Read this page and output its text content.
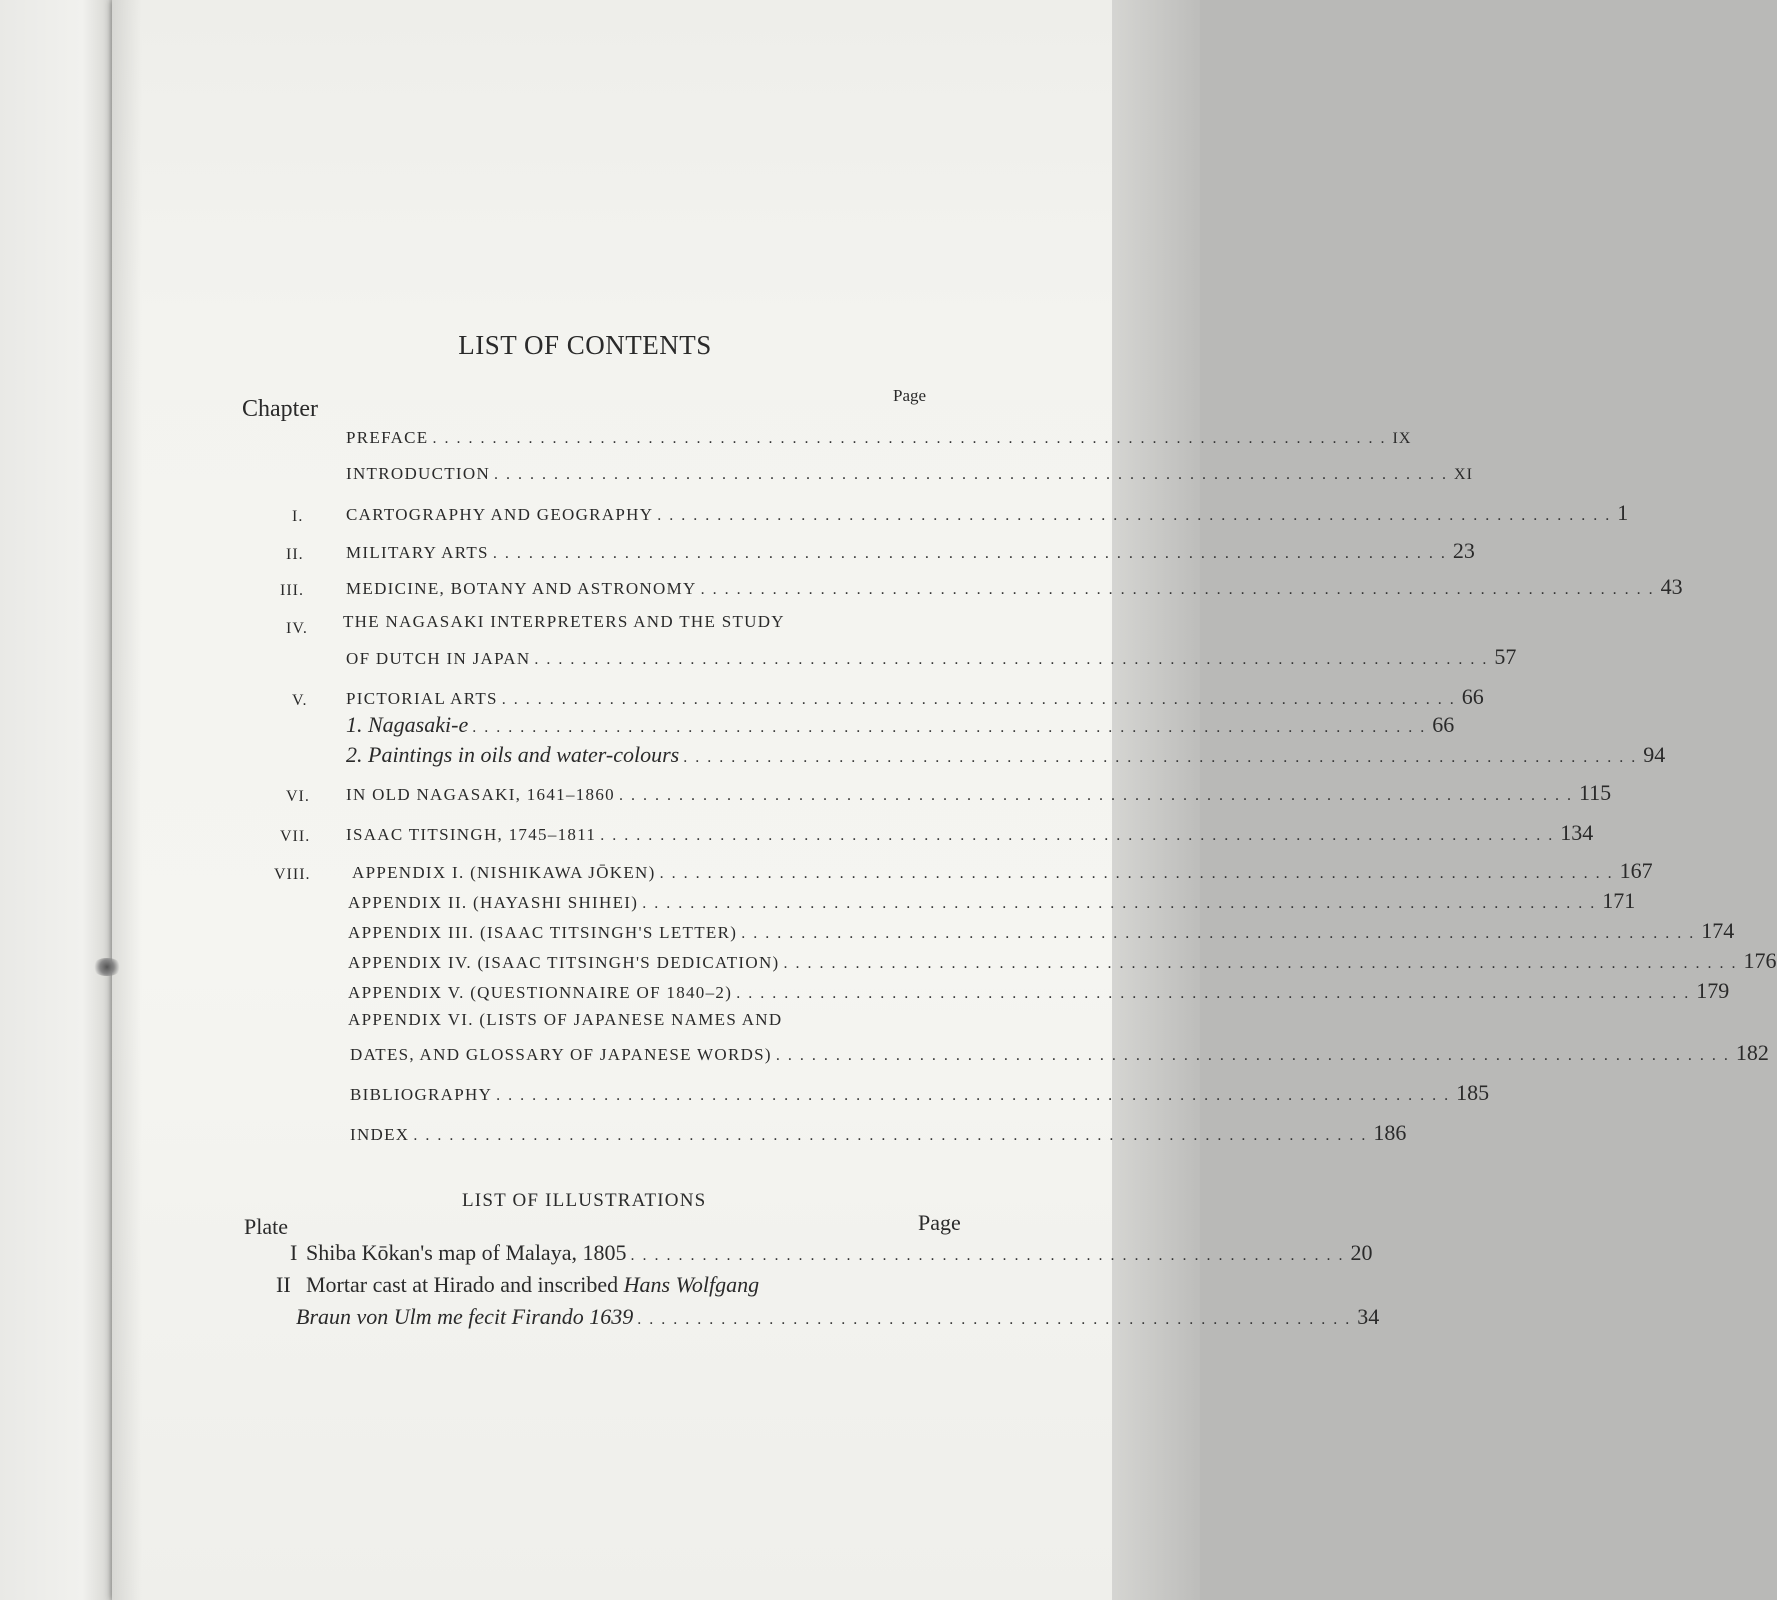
LIST OF CONTENTS
Chapter
Page
PREFACE ................................................................................ IX
INTRODUCTION ................................................................................ XI
I.	CARTOGRAPHY AND GEOGRAPHY ................................................................................ 1
II. MILITARY ARTS ................................................................................ 23
III. MEDICINE, BOTANY AND ASTRONOMY ................................................................................ 43
IV. THE NAGASAKI INTERPRETERS AND THE STUDY
OF DUTCH IN JAPAN ................................................................................ 57
V. PICTORIAL ARTS ................................................................................ 66
1. Nagasaki-e ................................................................................ 66
2. Paintings in oils and water-colours ................................................................................ 94
VI. IN OLD NAGASAKI, 1641–1860 ................................................................................ 115
VII. ISAAC TITSINGH, 1745–1811 ................................................................................ 134
VIII. APPENDIX I. (NISHIKAWA JŌKEN) ................................................................................ 167
APPENDIX II. (HAYASHI SHIHEI) ................................................................................ 171
APPENDIX III. (ISAAC TITSINGH'S LETTER) ................................................................................ 174
APPENDIX IV. (ISAAC TITSINGH'S DEDICATION) ................................................................................ 176
APPENDIX V. (QUESTIONNAIRE OF 1840–2) ................................................................................ 179
APPENDIX VI. (LISTS OF JAPANESE NAMES AND
DATES, AND GLOSSARY OF JAPANESE WORDS) ................................................................................ 182
BIBLIOGRAPHY ................................................................................ 185
INDEX ................................................................................ 186
LIST OF ILLUSTRATIONS
Plate	Page
I Shiba Kōkan's map of Malaya, 1805 ............................................................ 20
II Mortar cast at Hirado and inscribed Hans Wolfgang
Braun von Ulm me fecit Firando 1639 ............................................................ 34
